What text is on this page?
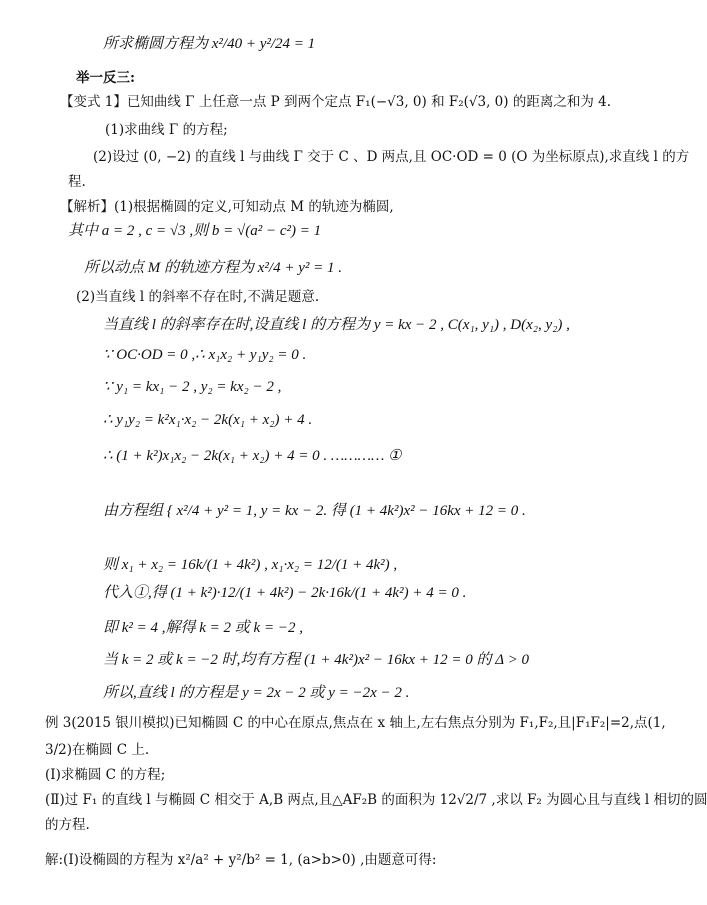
所求椭圆方程为 x²/40 + y²/24 = 1
举一反三:
【变式 1】已知曲线 Γ 上任意一点 P 到两个定点 F₁(−√3, 0) 和 F₂(√3, 0) 的距离之和为 4.
(1)求曲线 Γ 的方程;
(2)设过 (0, −2) 的直线 l 与曲线 Γ 交于 C 、D 两点,且 OC·OD = 0 (O 为坐标原点),求直线 l 的方
程.
【解析】(1)根据椭圆的定义,可知动点 M 的轨迹为椭圆,
其中 a = 2 , c = √3 ,则 b = √(a² − c²) = 1
所以动点 M 的轨迹方程为 x²/4 + y² = 1 .
(2)当直线 l 的斜率不存在时,不满足题意.
当直线 l 的斜率存在时,设直线 l 的方程为 y = kx − 2 , C(x₁, y₁) , D(x₂, y₂) ,
∵ OC·OD = 0 ,∴ x₁x₂ + y₁y₂ = 0 .
∵ y₁ = kx₁ − 2 , y₂ = kx₂ − 2 ,
∴ y₁y₂ = k²x₁·x₂ − 2k(x₁ + x₂) + 4 .
∴ (1 + k²)x₁x₂ − 2k(x₁ + x₂) + 4 = 0 . ………… ①
由方程组 { x²/4 + y² = 1, y = kx − 2. 得 (1 + 4k²)x² − 16kx + 12 = 0 .
则 x₁ + x₂ = 16k/(1 + 4k²) , x₁·x₂ = 12/(1 + 4k²) ,
代入①,得 (1 + k²)·12/(1 + 4k²) − 2k·16k/(1 + 4k²) + 4 = 0 .
即 k² = 4 ,解得 k = 2 或 k = −2 ,
当 k = 2 或 k = −2 时,均有方程 (1 + 4k²)x² − 16kx + 12 = 0 的 Δ > 0
所以,直线 l 的方程是 y = 2x − 2 或 y = −2x − 2 .
例 3(2015 银川模拟)已知椭圆 C 的中心在原点,焦点在 x 轴上,左右焦点分别为 F₁,F₂,且|F₁F₂|=2,点(1,
3/2)在椭圆 C 上.
(Ⅰ)求椭圆 C 的方程;
(Ⅱ)过 F₁ 的直线 l 与椭圆 C 相交于 A,B 两点,且△AF₂B 的面积为 12√2/7 ,求以 F₂ 为圆心且与直线 l 相切的圆
的方程.
解:(Ⅰ)设椭圆的方程为 x²/a² + y²/b² = 1, (a>b>0) ,由题意可得:
